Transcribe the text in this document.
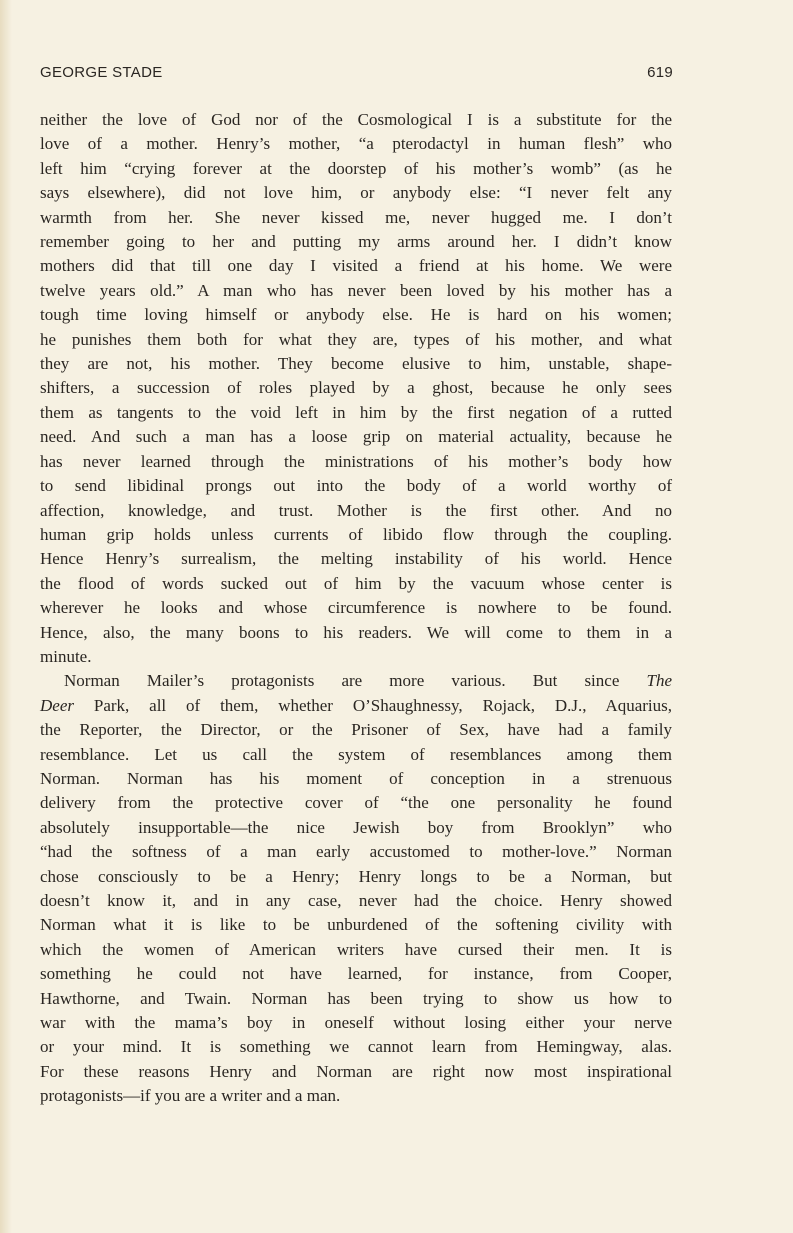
GEORGE STADE	619
neither the love of God nor of the Cosmological I is a substitute for the
love of a mother. Henry’s mother, “a pterodactyl in human flesh” who
left him “crying forever at the doorstep of his mother’s womb” (as he
says elsewhere), did not love him, or anybody else: “I never felt any
warmth from her. She never kissed me, never hugged me. I don’t
remember going to her and putting my arms around her. I didn’t know
mothers did that till one day I visited a friend at his home. We were
twelve years old.” A man who has never been loved by his mother has a
tough time loving himself or anybody else. He is hard on his women;
he punishes them both for what they are, types of his mother, and what
they are not, his mother. They become elusive to him, unstable, shape-
shifters, a succession of roles played by a ghost, because he only sees
them as tangents to the void left in him by the first negation of a rutted
need. And such a man has a loose grip on material actuality, because he
has never learned through the ministrations of his mother’s body how
to send libidinal prongs out into the body of a world worthy of
affection, knowledge, and trust. Mother is the first other. And no
human grip holds unless currents of libido flow through the coupling.
Hence Henry’s surrealism, the melting instability of his world. Hence
the flood of words sucked out of him by the vacuum whose center is
wherever he looks and whose circumference is nowhere to be found.
Hence, also, the many boons to his readers. We will come to them in a
minute.
Norman Mailer’s protagonists are more various. But since The
Deer Park, all of them, whether O’Shaughnessy, Rojack, D.J., Aquarius,
the Reporter, the Director, or the Prisoner of Sex, have had a family
resemblance. Let us call the system of resemblances among them
Norman. Norman has his moment of conception in a strenuous
delivery from the protective cover of “the one personality he found
absolutely insupportable—the nice Jewish boy from Brooklyn” who
“had the softness of a man early accustomed to mother-love.” Norman
chose consciously to be a Henry; Henry longs to be a Norman, but
doesn’t know it, and in any case, never had the choice. Henry showed
Norman what it is like to be unburdened of the softening civility with
which the women of American writers have cursed their men. It is
something he could not have learned, for instance, from Cooper,
Hawthorne, and Twain. Norman has been trying to show us how to
war with the mama’s boy in oneself without losing either your nerve
or your mind. It is something we cannot learn from Hemingway, alas.
For these reasons Henry and Norman are right now most inspirational
protagonists—if you are a writer and a man.
